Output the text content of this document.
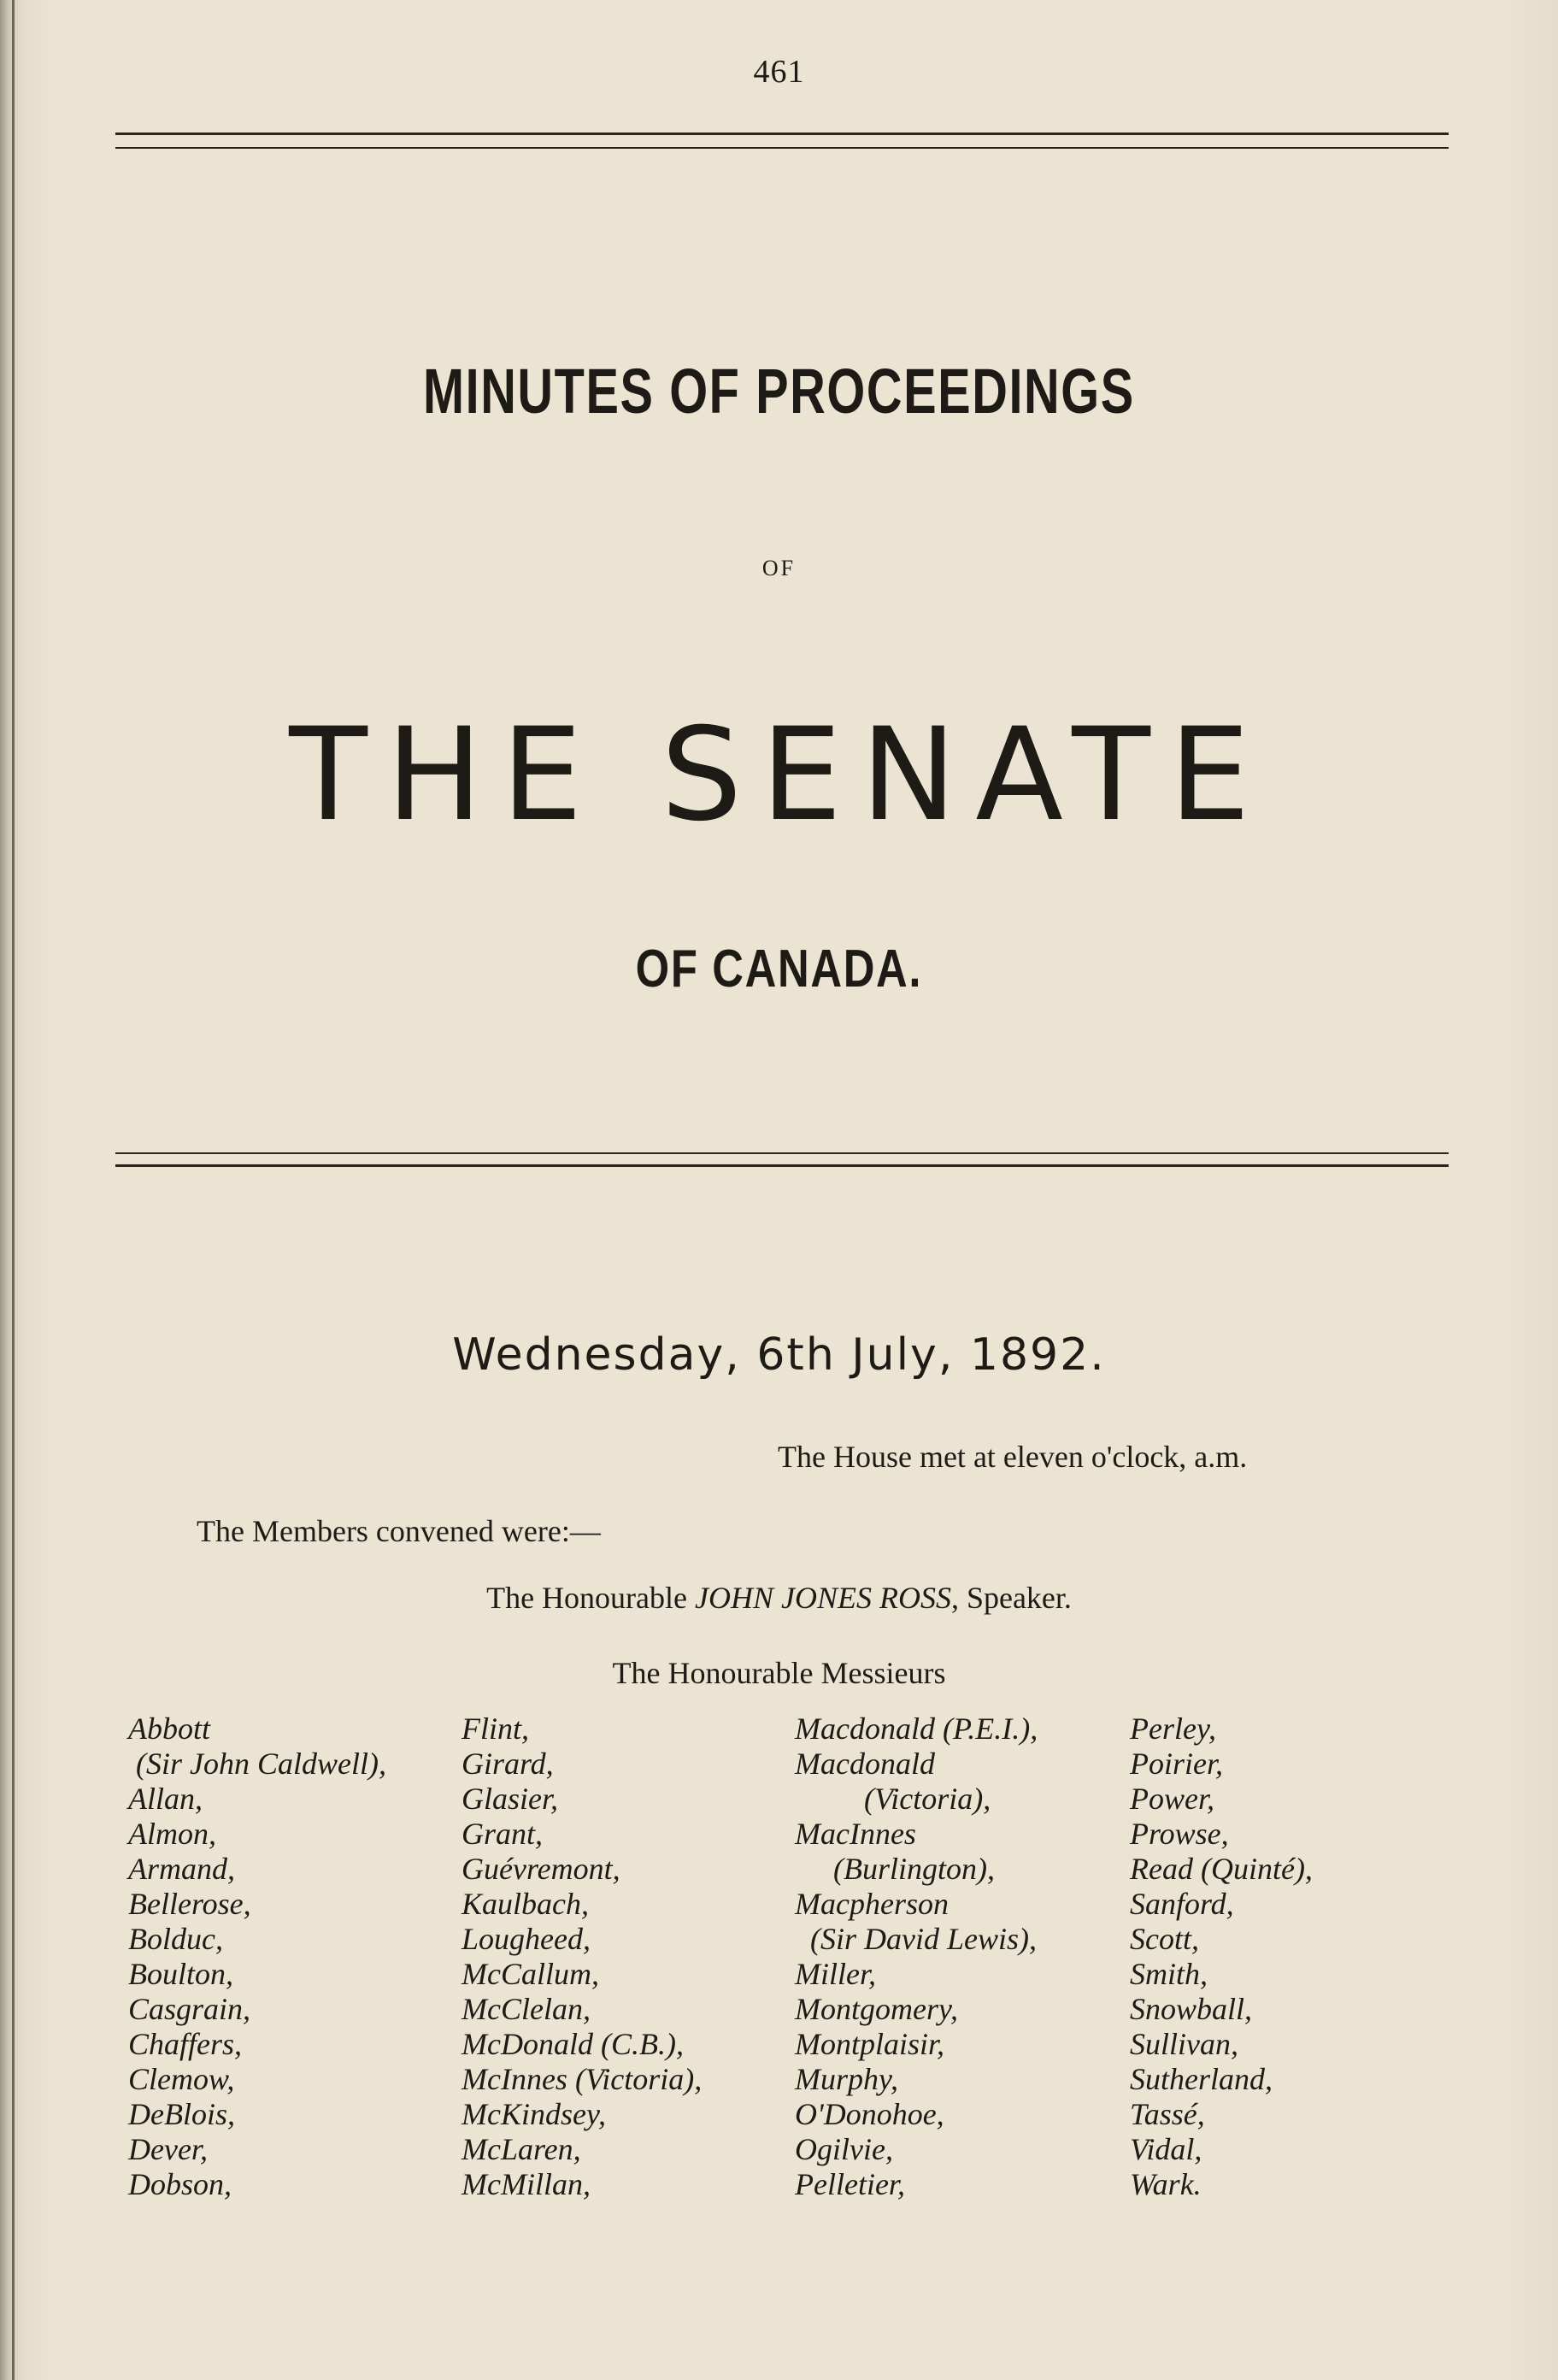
461
MINUTES OF PROCEEDINGS
OF
THE SENATE
OF CANADA.
Wednesday, 6th July, 1892.
The House met at eleven o'clock, a.m.
The Members convened were:—
The Honourable JOHN JONES ROSS, Speaker.
The Honourable Messieurs
Abbott
(Sir John Caldwell),
Allan,
Almon,
Armand,
Bellerose,
Bolduc,
Boulton,
Casgrain,
Chaffers,
Clemow,
DeBlois,
Dever,
Dobson,
Flint,
Girard,
Glasier,
Grant,
Guévremont,
Kaulbach,
Lougheed,
McCallum,
McClelan,
McDonald (C.B.),
McInnes (Victoria),
McKindsey,
McLaren,
McMillan,
Macdonald (P.E.I.),
Macdonald
(Victoria),
MacInnes
(Burlington),
Macpherson
(Sir David Lewis),
Miller,
Montgomery,
Montplaisir,
Murphy,
O'Donohoe,
Ogilvie,
Pelletier,
Perley,
Poirier,
Power,
Prowse,
Read (Quinté),
Sanford,
Scott,
Smith,
Snowball,
Sullivan,
Sutherland,
Tassé,
Vidal,
Wark.
